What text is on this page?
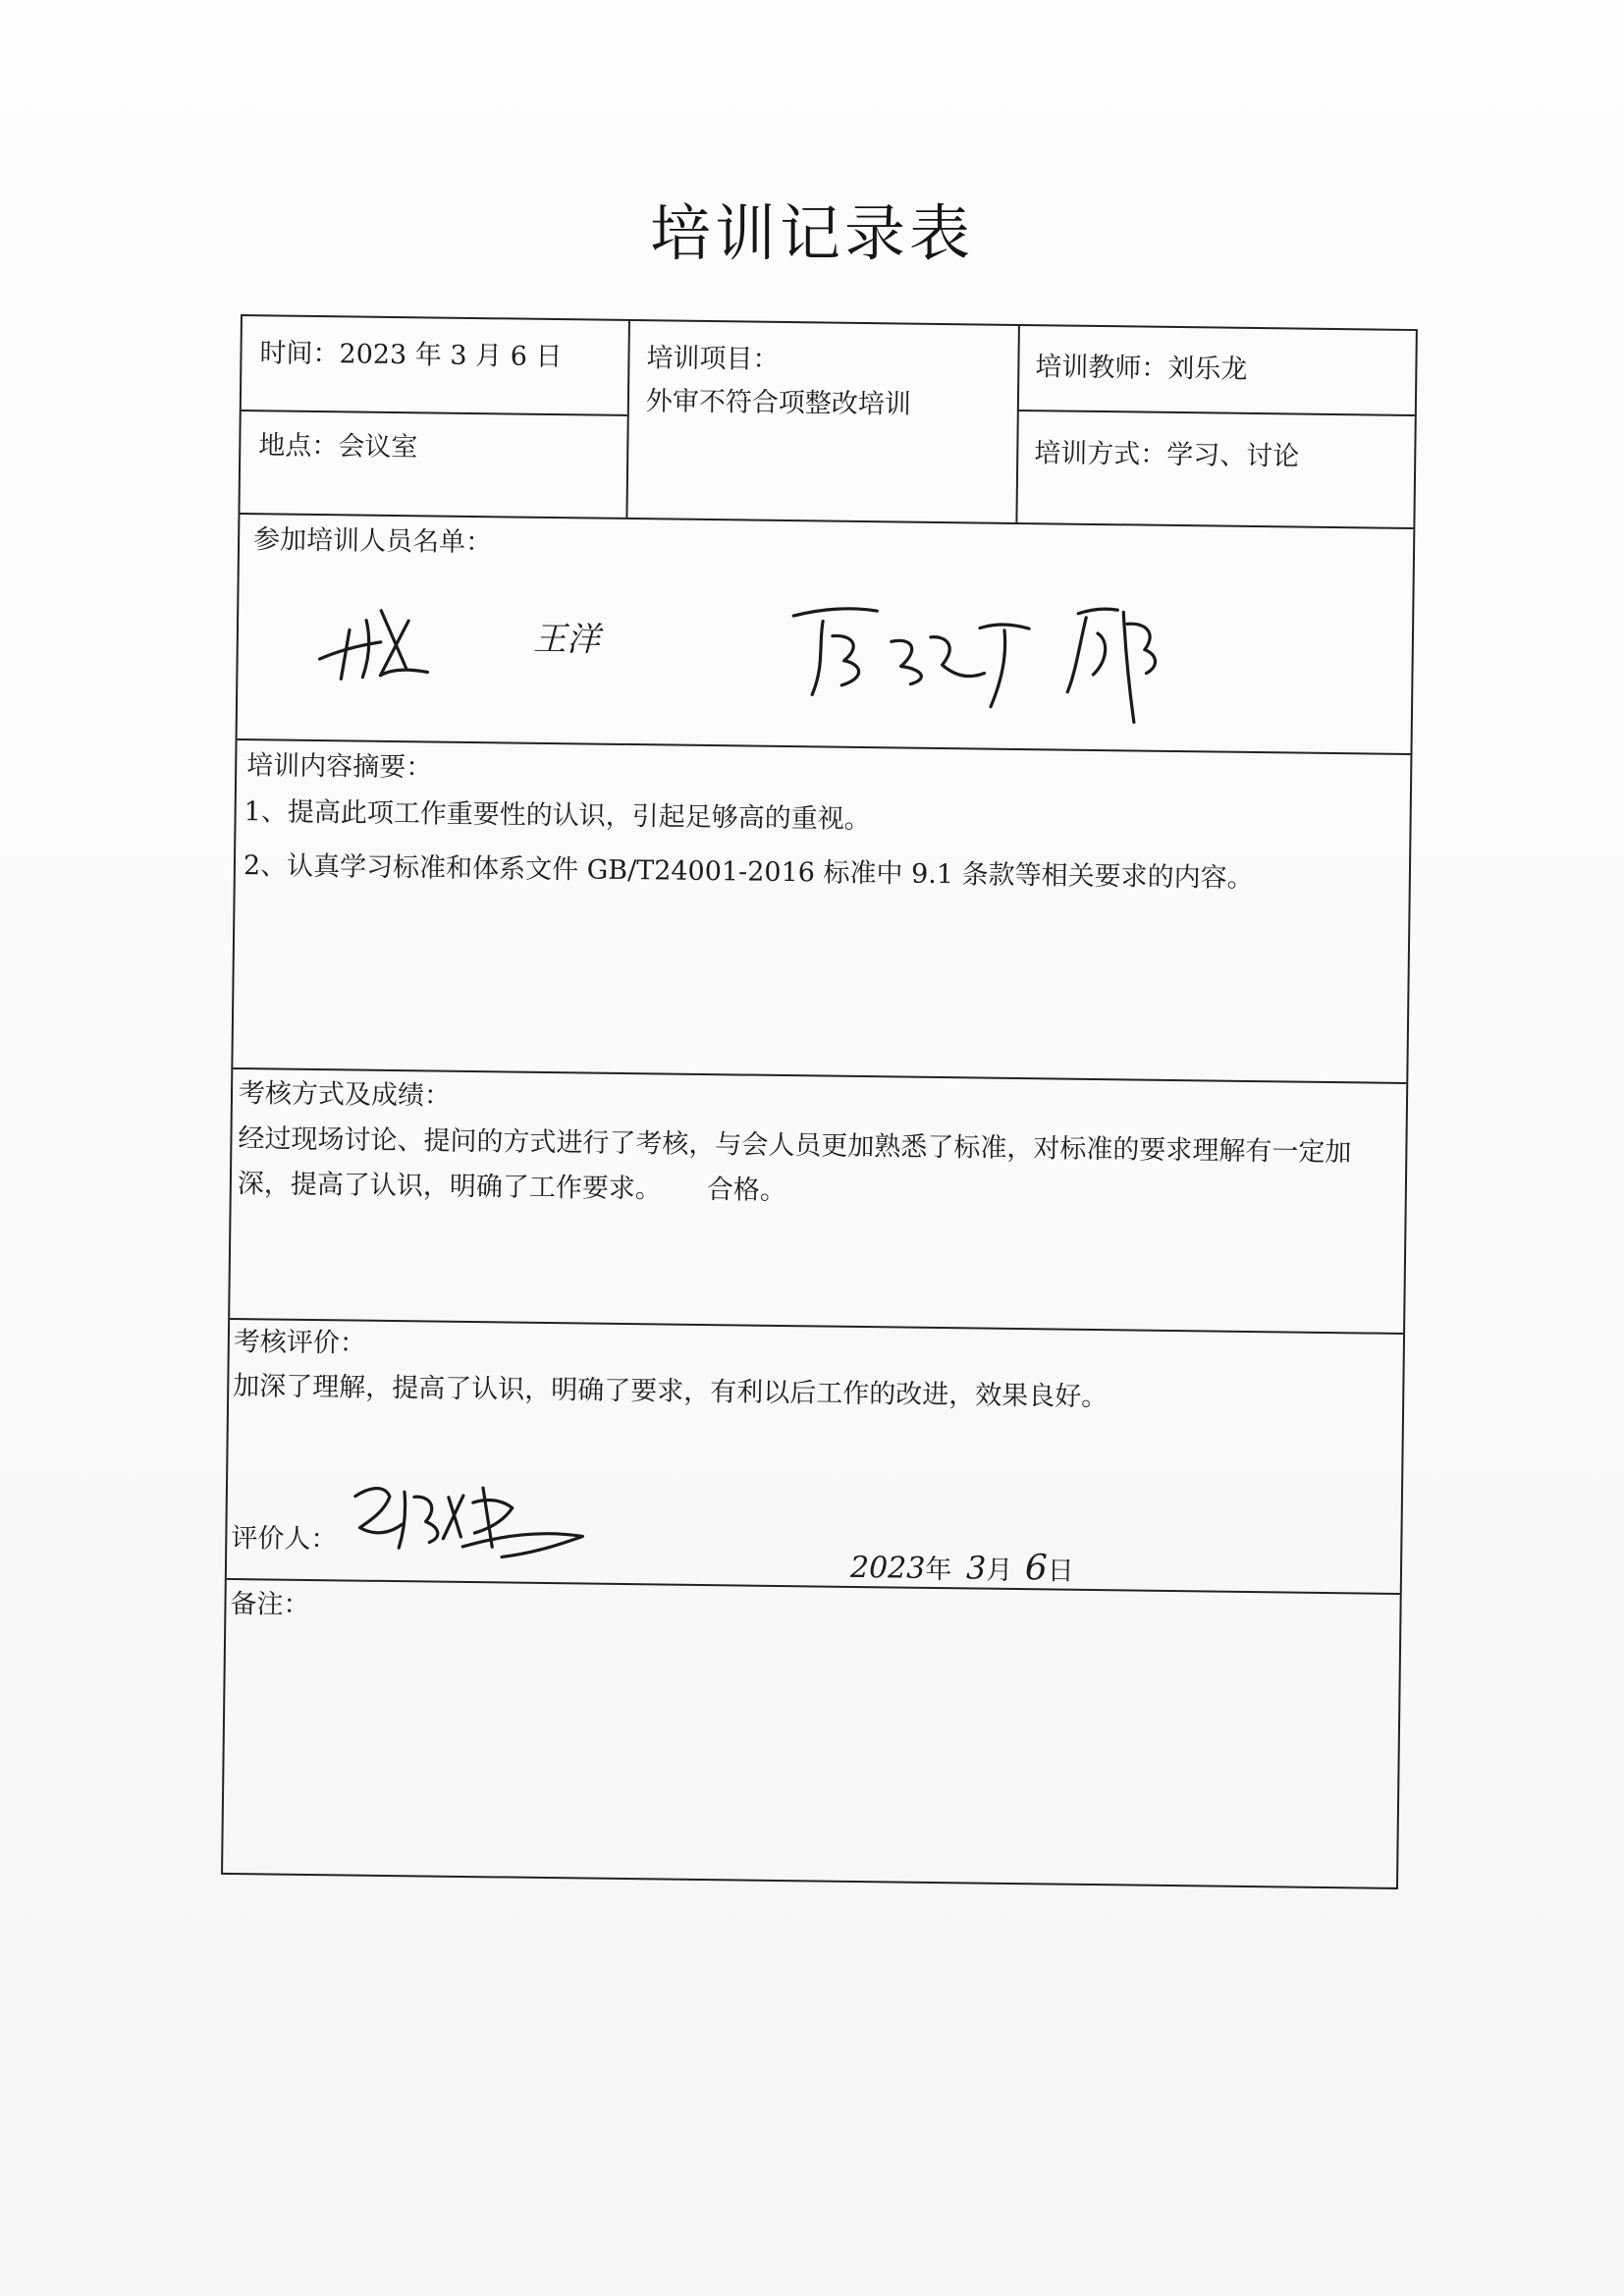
培训记录表
时间：2023 年 3 月 6 日
地点：会议室
培训项目：
外审不符合项整改培训
培训教师：刘乐龙
培训方式：学习、讨论
参加培训人员名单：
王洋
培训内容摘要：
1、提高此项工作重要性的认识，引起足够高的重视。
2、认真学习标准和体系文件 GB/T24001-2016 标准中 9.1 条款等相关要求的内容。
考核方式及成绩：
经过现场讨论、提问的方式进行了考核，与会人员更加熟悉了标准，对标准的要求理解有一定加深，提高了认识，明确了工作要求。 合格。
考核评价：
加深了理解，提高了认识，明确了要求，有利以后工作的改进，效果良好。
评价人：
2023年 3月 6日
备注：
